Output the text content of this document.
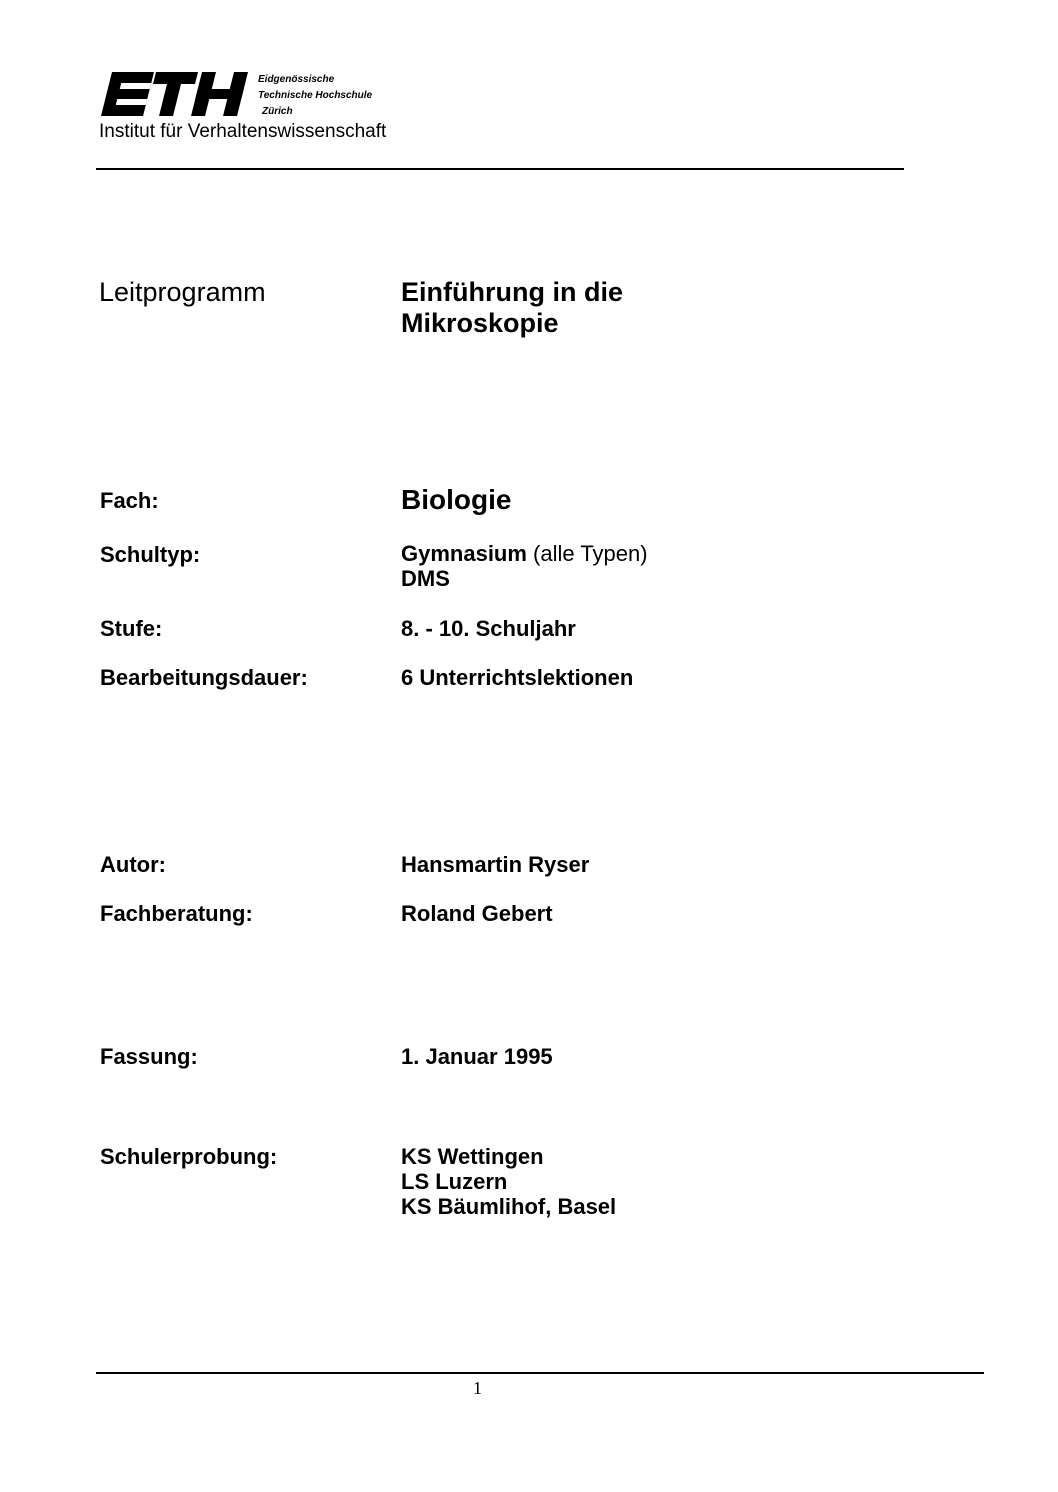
Eidgenössische
Technische Hochschule
Zürich
Institut für Verhaltenswissenschaft
Leitprogramm	Einführung in die
Mikroskopie
Fach:	Biologie
Schultyp:	Gymnasium (alle Typen)
DMS
Stufe:	8. - 10. Schuljahr
Bearbeitungsdauer:	6 Unterrichtslektionen
Autor:	Hansmartin Ryser
Fachberatung:	Roland Gebert
Fassung:	1. Januar 1995
Schulerprobung:	KS Wettingen
LS Luzern
KS Bäumlihof, Basel
1
